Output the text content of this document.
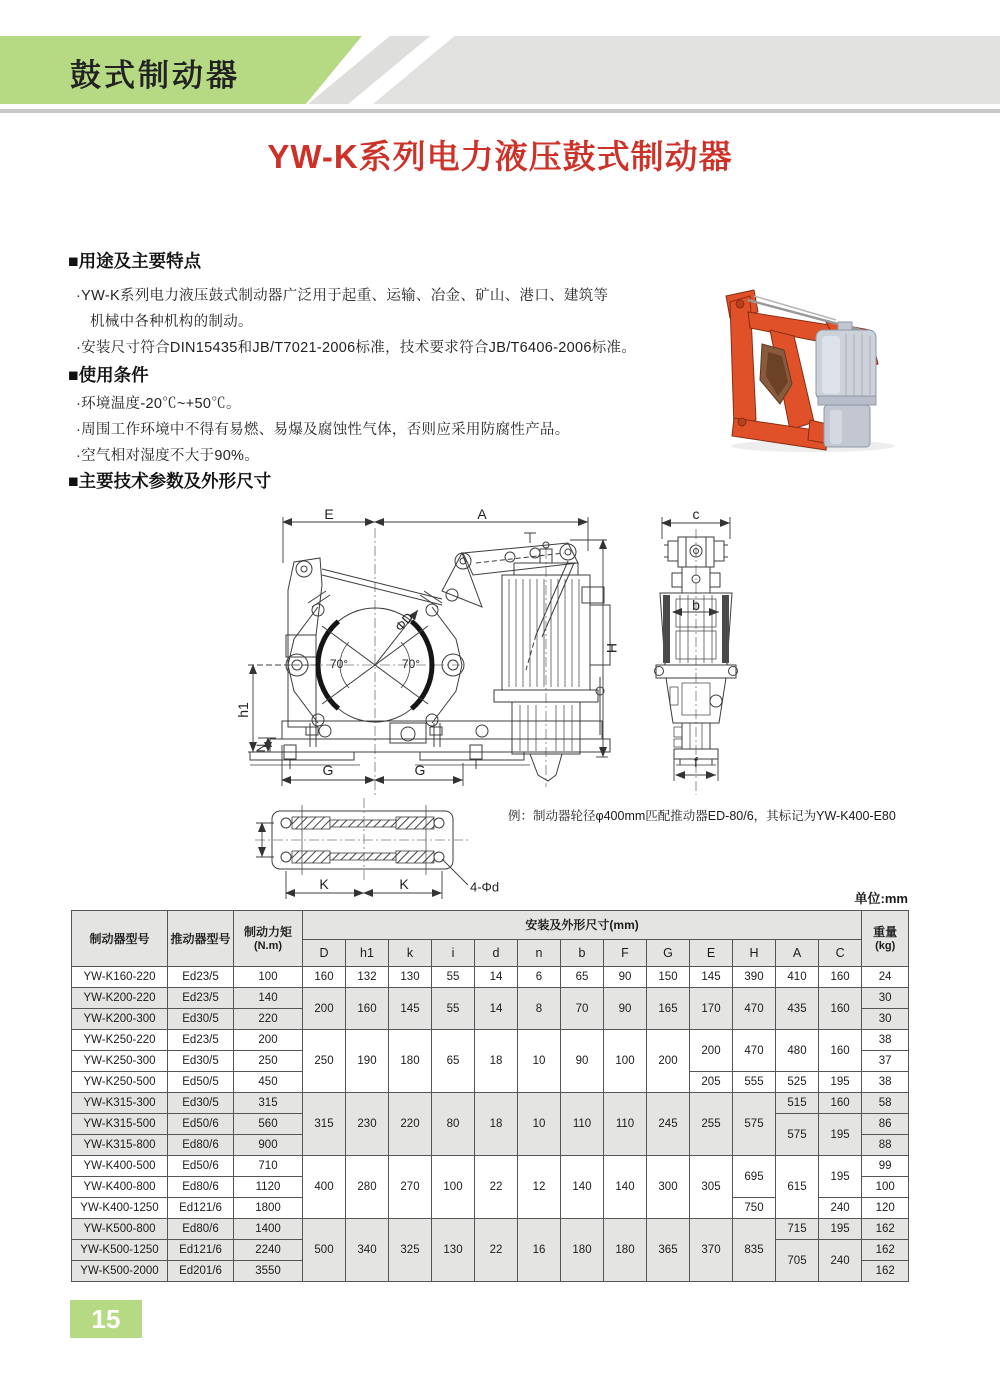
鼓式制动器
YW-K系列电力液压鼓式制动器
■用途及主要特点
·YW-K系列电力液压鼓式制动器广泛用于起重、运输、冶金、矿山、港口、建筑等
机械中各种机构的制动。
·安装尺寸符合DIN15435和JB/T7021-2006标准，技术要求符合JB/T6406-2006标准。
■使用条件
·环境温度-20℃~+50℃。
·周围工作环境中不得有易燃、易爆及腐蚀性气体，否则应采用防腐性产品。
·空气相对湿度不大于90%。
■主要技术参数及外形尺寸
E	A
H
h1
N
G	G
ΦD
70°	70°
c
b
f
K	K	4-Φd
例：制动器轮径φ400mm匹配推动器ED-80/6，其标记为YW-K400-E80
单位:mm
制动器型号	推动器型号	制动力矩
(N.m)	安装及外形尺寸(mm)													重量
(kg)

			D	h1	k	i	d	n	b	F	G	E	H	A	C	
YW-K160-220	Ed23/5	100	160	132	130	55	14	6	65	90	150	145	390	410	160	24
YW-K200-220	Ed23/5	140	200	160	145	55	14	8	70	90	165	170	470	435	160	30
YW-K200-300	Ed30/5	220														30
YW-K250-220	Ed23/5	200	250	190	180	65	18	10	90	100	200	200	470	480	160	38
YW-K250-300	Ed30/5	250														37
YW-K250-500	Ed50/5	450										205	555	525	195	38
YW-K315-300	Ed30/5	315	315	230	220	80	18	10	110	110	245	255	575	515	160	58
YW-K315-500	Ed50/6	560												575	195	86
YW-K315-800	Ed80/6	900														88
YW-K400-500	Ed50/6	710	400	280	270	100	22	12	140	140	300	305	695	615	195	99
YW-K400-800	Ed80/6	1120														100
YW-K400-1250	Ed121/6	1800											750		240	120
YW-K500-800	Ed80/6	1400	500	340	325	130	22	16	180	180	365	370	835	715	195	162
YW-K500-1250	Ed121/6	2240												705	240	162
YW-K500-2000	Ed201/6	3550														162
15
